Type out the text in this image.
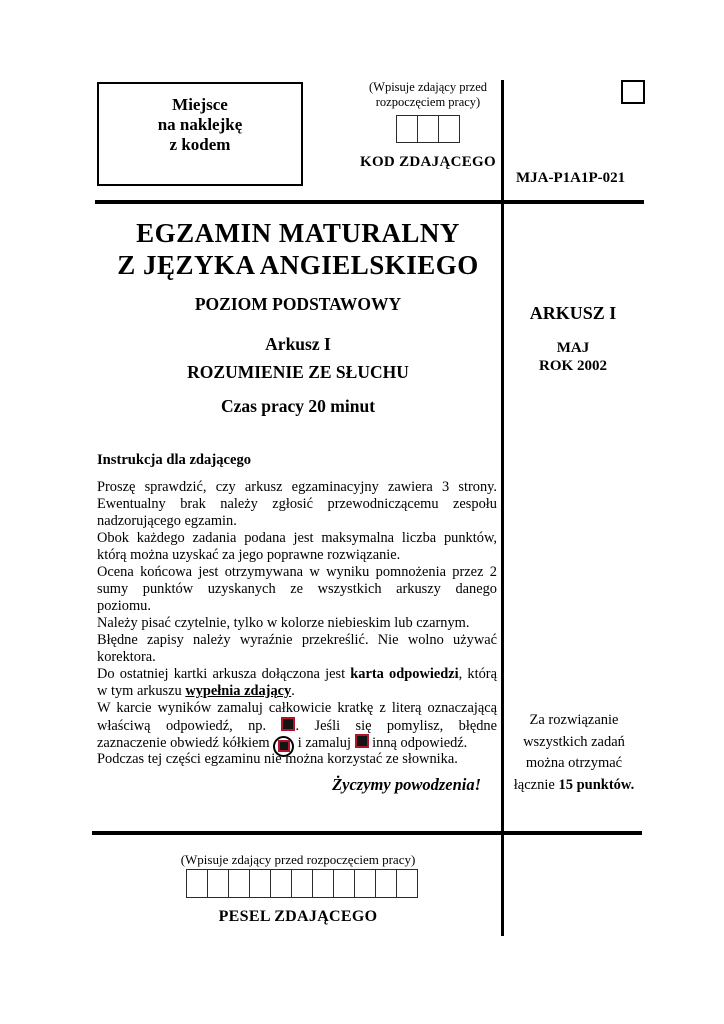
Miejsce
na naklejkę
z kodem
(Wpisuje zdający przed
rozpoczęciem pracy)
KOD ZDAJĄCEGO
MJA-P1A1P-021
EGZAMIN MATURALNY
Z JĘZYKA ANGIELSKIEGO
POZIOM PODSTAWOWY
Arkusz I
ROZUMIENIE ZE SŁUCHU
Czas pracy 20 minut
ARKUSZ I
MAJ
ROK 2002
Za rozwiązanie
wszystkich zadań
można otrzymać
łącznie 15 punktów.
Instrukcja dla zdającego
Proszę sprawdzić, czy arkusz egzaminacyjny zawiera 3 strony.
Ewentualny brak należy zgłosić przewodniczącemu zespołu
nadzorującego egzamin.
Obok każdego zadania podana jest maksymalna liczba punktów,
którą można uzyskać za jego poprawne rozwiązanie.
Ocena końcowa jest otrzymywana w wyniku pomnożenia przez 2
sumy punktów uzyskanych ze wszystkich arkuszy danego
poziomu.
Należy pisać czytelnie, tylko w kolorze niebieskim lub czarnym.
Błędne zapisy należy wyraźnie przekreślić. Nie wolno używać
korektora.
Do ostatniej kartki arkusza dołączona jest karta odpowiedzi, którą
w tym arkuszu wypełnia zdający.
W karcie wyników zamaluj całkowicie kratkę z literą oznaczającą
właściwą odpowiedź, np. . Jeśli się pomylisz, błędne
zaznaczenie obwiedź kółkiem
i zamaluj  inną odpowiedź.
Podczas tej części egzaminu nie można korzystać ze słownika.
Życzymy powodzenia!
(Wpisuje zdający przed rozpoczęciem pracy)
PESEL ZDAJĄCEGO
